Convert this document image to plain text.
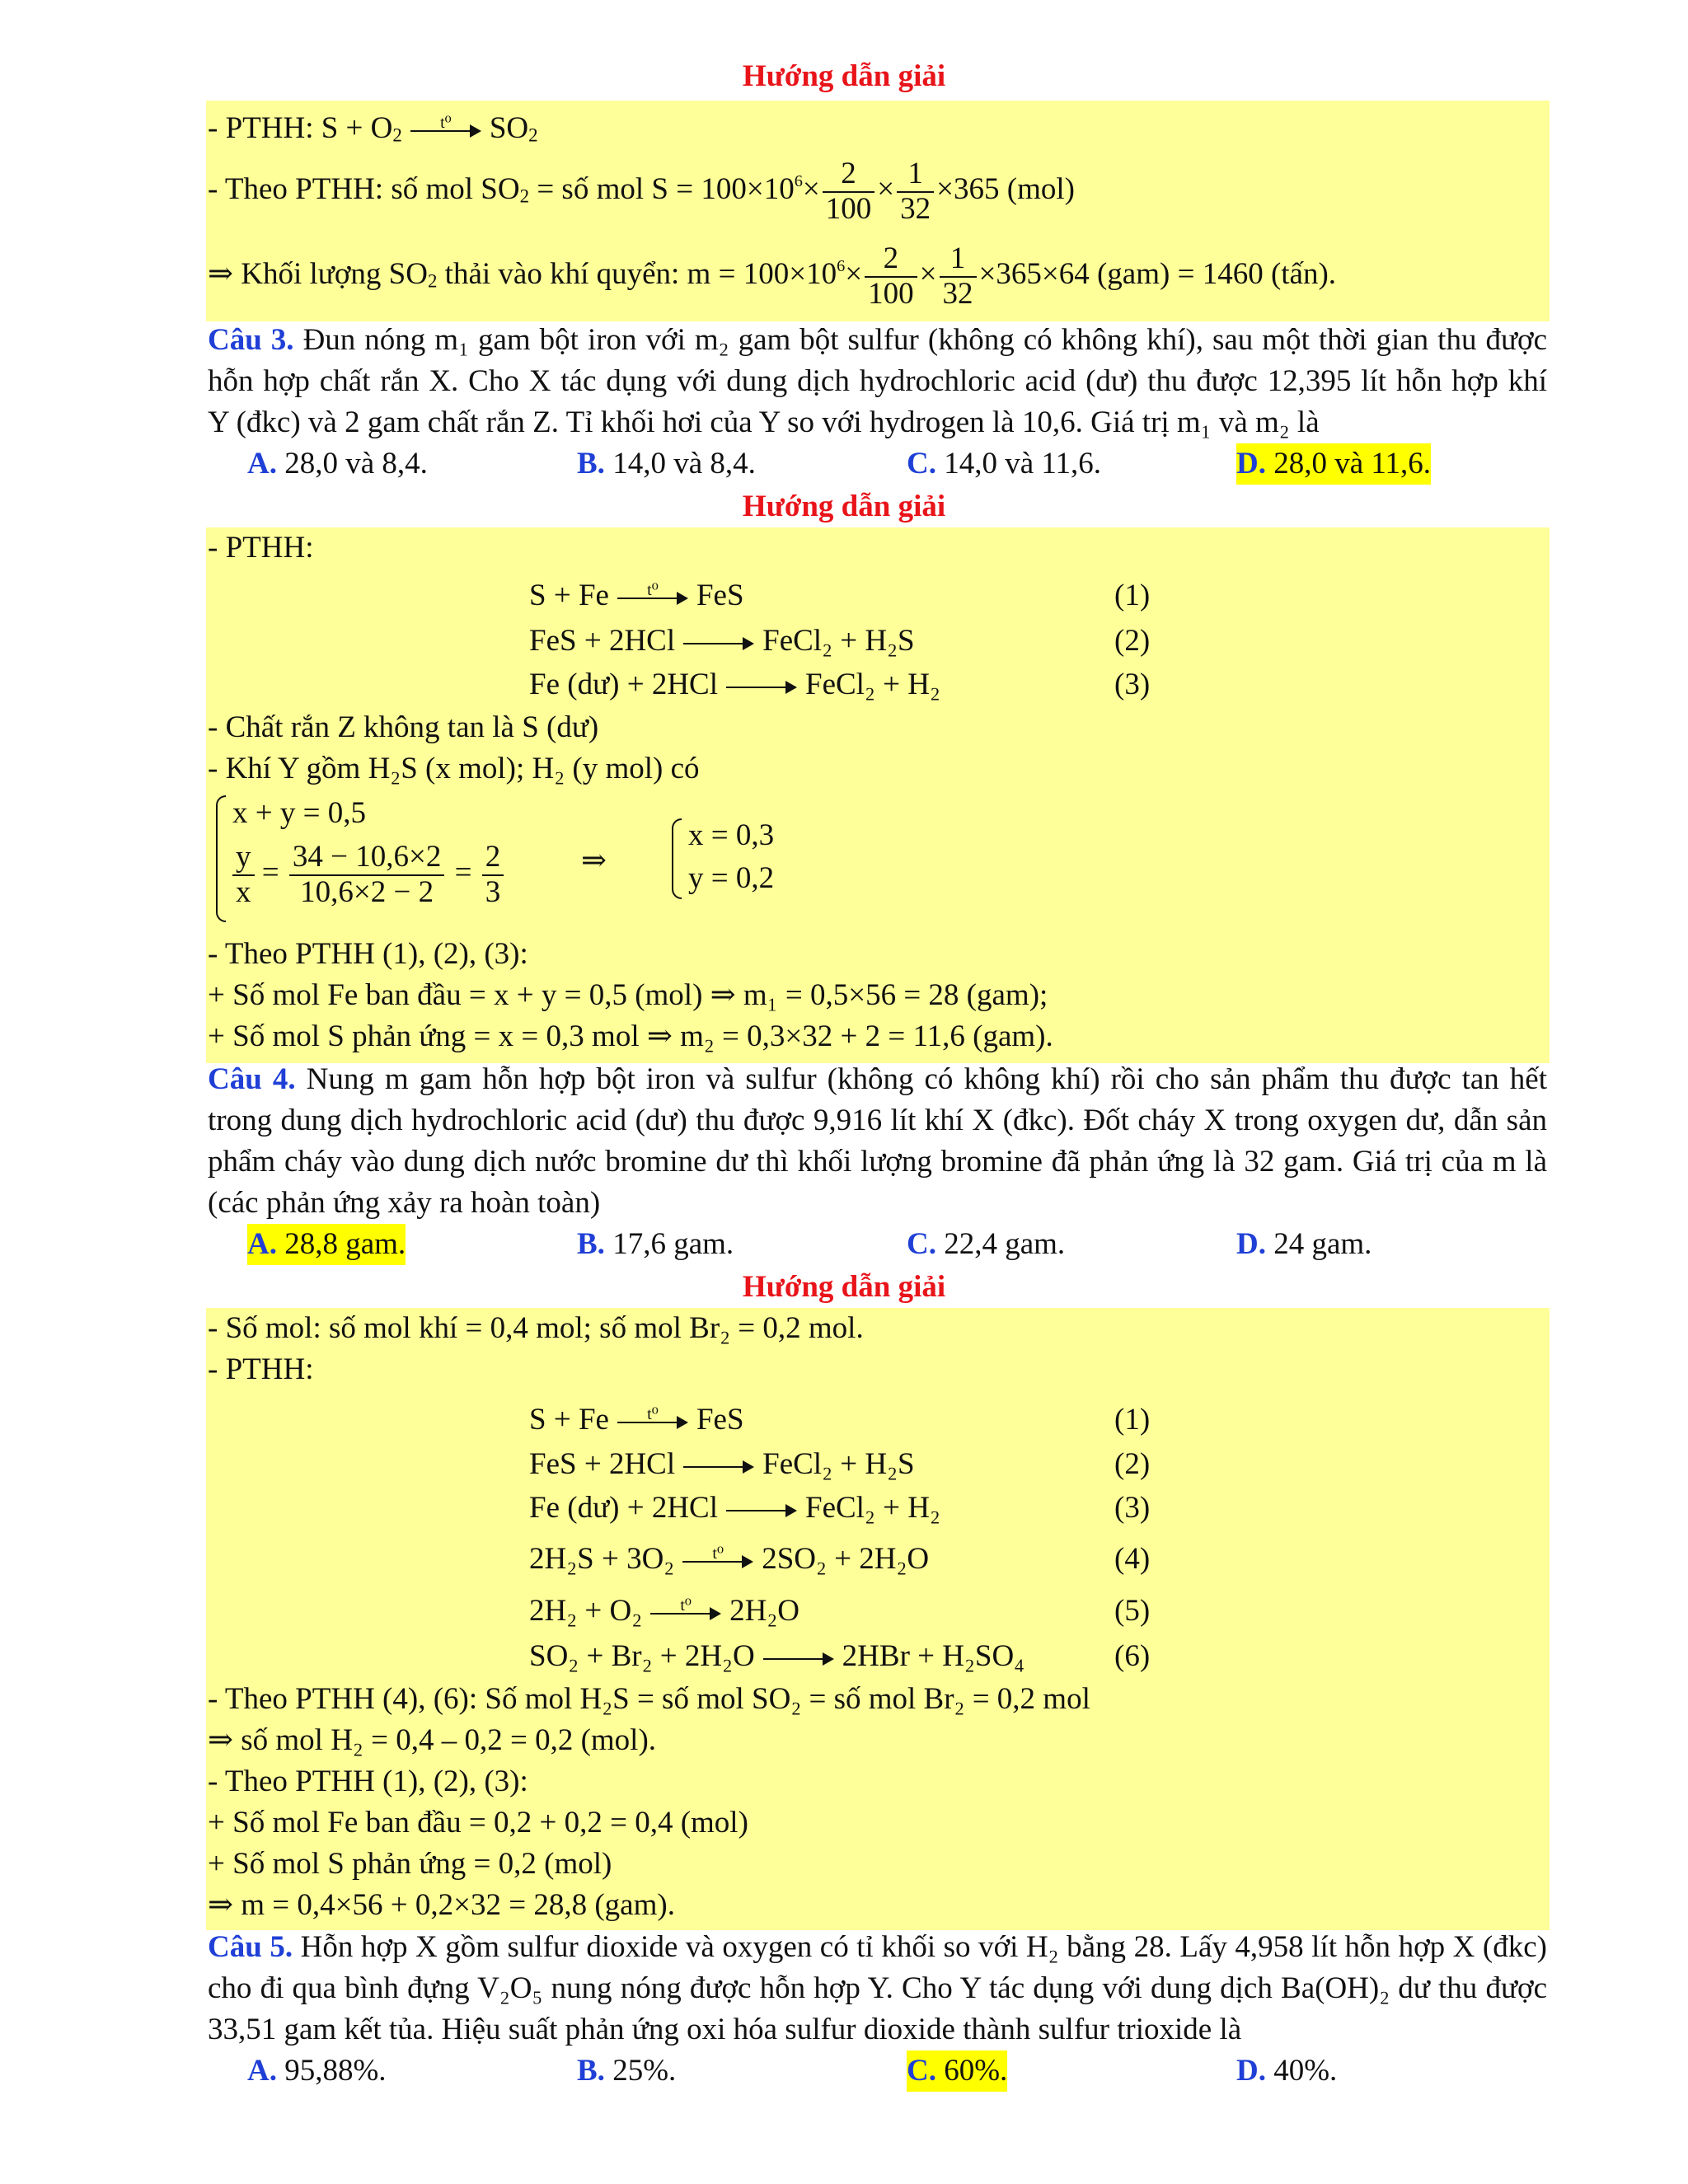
Hướng dẫn giải
- PTHH: $S + O_2$
t⁰	$SO_2$
- Theo PTHH: số mol $SO_2$ = số mol $S = 100\times 10^6\times \frac{2}{100} \times \frac{1}{32} \times 365$ (mol)
⇒ Khối lượng $SO_2$ thải vào khí quyển: $m = 100\times 10^6\times \frac{2}{100} \times \frac{1}{32} \times 365\times 64$ (gam) = 1460 (tấn).
Câu 3. Đun nóng m₁ gam bột iron với m₂ gam bột sulfur (không có không khí), sau một thời gian thu được
hỗn hợp chất rắn X. Cho X tác dụng với dung dịch hydrochloric acid (dư) thu được 12,395 lít hỗn hợp khí
Y (đkc) và 2 gam chất rắn Z. Tỉ khối hơi của Y so với hydrogen là 10,6. Giá trị m₁ và m₂ là
A. 28,0 và 8,4.	B. 14,0 và 8,4.	C. 14,0 và 11,6.	D. 28,0 và 11,6.
Hướng dẫn giải
- PTHH:
S + Fe	t⁰	FeS	(1)
FeS + 2HCl	FeCl₂ + H₂S	(2)
Fe (dư) + 2HCl	FeCl₂ + H₂	(3)
- Chất rắn Z không tan là S (dư)
- Khí Y gồm H₂S (x mol); H₂ (y mol) có
x + y = 0,5
$\frac{y}{x} = \frac{34 - 10,6\times 2}{10,6\times 2 - 2} = \frac{2}{3}$	⇒
x = 0,3
y = 0,2
- Theo PTHH (1), (2), (3):
+ Số mol Fe ban đầu = x + y = 0,5 (mol) ⇒ m₁ = 0,5×56 = 28 (gam);
+ Số mol S phản ứng = x = 0,3 mol ⇒ m₂ = 0,3×32 + 2 = 11,6 (gam).
Câu 4. Nung m gam hỗn hợp bột iron và sulfur (không có không khí) rồi cho sản phẩm thu được tan hết
trong dung dịch hydrochloric acid (dư) thu được 9,916 lít khí X (đkc). Đốt cháy X trong oxygen dư, dẫn sản
phẩm cháy vào dung dịch nước bromine dư thì khối lượng bromine đã phản ứng là 32 gam. Giá trị của m là
(các phản ứng xảy ra hoàn toàn)
A. 28,8 gam.	B. 17,6 gam.	C. 22,4 gam.	D. 24 gam.
Hướng dẫn giải
- Số mol: số mol khí = 0,4 mol; số mol Br₂ = 0,2 mol.
- PTHH:
S + Fe	t⁰	FeS	(1)
FeS + 2HCl	FeCl₂ + H₂S	(2)
Fe (dư) + 2HCl	FeCl₂ + H₂	(3)
2H₂S + 3O₂	t⁰	2SO₂ + 2H₂O	(4)
2H₂ + O₂	t⁰	2H₂O	(5)
SO₂ + Br₂ + 2H₂O	2HBr + H₂SO₄	(6)
- Theo PTHH (4), (6): Số mol H₂S = số mol SO₂ = số mol Br₂ = 0,2 mol
⇒ số mol H₂ = 0,4 – 0,2 = 0,2 (mol).
- Theo PTHH (1), (2), (3):
+ Số mol Fe ban đầu = 0,2 + 0,2 = 0,4 (mol)
+ Số mol S phản ứng = 0,2 (mol)
⇒ m = 0,4×56 + 0,2×32 = 28,8 (gam).
Câu 5. Hỗn hợp X gồm sulfur dioxide và oxygen có tỉ khối so với H₂ bằng 28. Lấy 4,958 lít hỗn hợp X (đkc)
cho đi qua bình đựng V₂O₅ nung nóng được hỗn hợp Y. Cho Y tác dụng với dung dịch Ba(OH)₂ dư thu được
33,51 gam kết tủa. Hiệu suất phản ứng oxi hóa sulfur dioxide thành sulfur trioxide là
A. 95,88%.	B. 25%.	C. 60%.	D. 40%.
